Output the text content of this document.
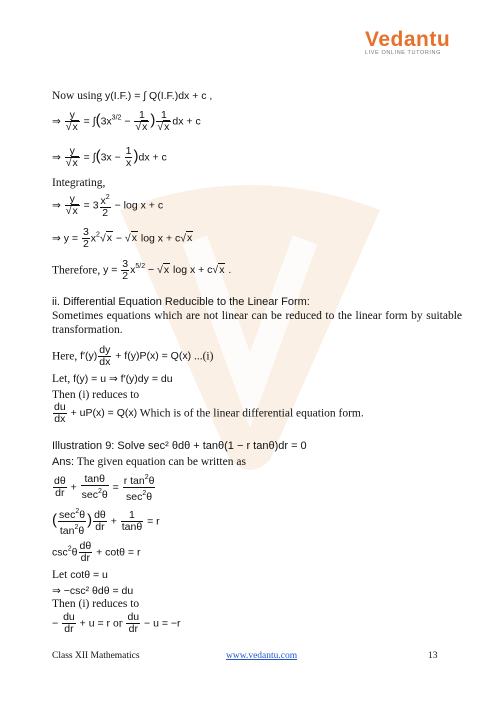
Vedantu
LIVE ONLINE TUTORING
Now using y(I.F.) = ∫ Q(I.F.)dx + c ,
⇒ $\frac{y}{√x} = \int(3x^{3/2} - \frac{1}{√x}$ ) $\frac{1}{√x}$ dx + c
⇒ $\frac{y}{√x} = \int(3x - \frac{1}{x} )dx + c$
Integrating,
⇒ $\frac{y}{√x} = 3 \frac{x^2}{2} - \log x + c$
⇒ $y = \frac{3}{2} x^2√x - √x$ log x + c√x
Therefore, $y = \frac{3}{2} x^{5/2} - √x$ log x + c√x .
ii. Differential Equation Reducible to the Linear Form:
Sometimes equations which are not linear can be reduced to the linear form by suitable transformation.
Here, $f'(y) \frac{dy}{dx} + f(y)P(x) = Q(x)$ ...(i)
Let, f(y) = u ⇒ f′(y)dy = du
Then (i) reduces to
$\frac{du}{dx} + uP(x) = Q(x)$ Which is of the linear differential equation form.
Illustration 9: Solve sec² θdθ + tanθ(1 − r tanθ)dr = 0
Ans: The given equation can be written as
$\frac{d\theta}{dr} + \frac{\tan\theta}{\sec^2\theta} = \frac{r \tan^2\theta}{\sec^2\theta}$
( $\frac{\sec^2\theta}{\tan^2\theta}$ ) $\frac{d\theta}{dr} + \frac{1}{\tan\theta} = r$
$\csc^2\theta \frac{d\theta}{dr} + \cot\theta = r$
Let cotθ = u
⇒ −csc² θdθ = du
Then (i) reduces to
− $\frac{du}{dr} + u = r$ or $\frac{du}{dr} - u = -r$
Class XII Mathematics	www.vedantu.com	13
